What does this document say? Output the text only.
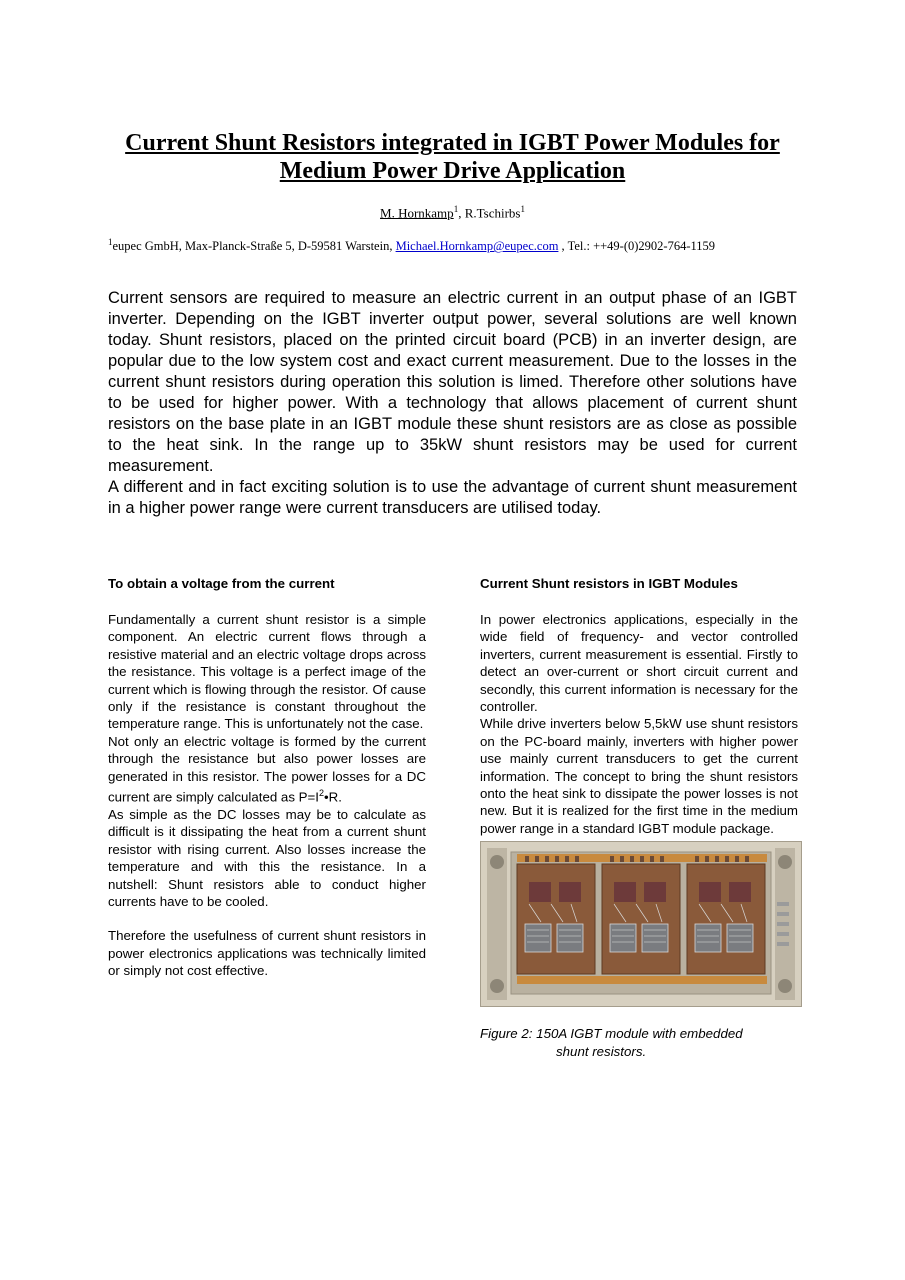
Current Shunt Resistors integrated in IGBT Power Modules for Medium Power Drive Application
M. Hornkamp$^1$, R.Tschirbs$^1$
$^1$eupec GmbH, Max-Planck-Straße 5, D-59581 Warstein, Michael.Hornkamp@eupec.com , Tel.: ++49-(0)2902-764-1159

Current sensors are required to measure an electric current in an output phase of an IGBT inverter. Depending on the IGBT inverter output power, several solutions are well known today. Shunt resistors, placed on the printed circuit board (PCB) in an inverter design, are popular due to the low system cost and exact current measurement. Due to the losses in the current shunt resistors during operation this solution is limed. Therefore other solutions have to be used for higher power. With a technology that allows placement of current shunt resistors on the base plate in an IGBT module these shunt resistors are as close as possible to the heat sink. In the range up to 35kW shunt resistors may be used for current measurement.

A different and in fact exciting solution is to use the advantage of current shunt measurement in a higher power range were current transducers are utilised today.

To obtain a voltage from the current

Fundamentally a current shunt resistor is a simple component. An electric current flows through a resistive material and an electric voltage drops across the resistance. This voltage is a perfect image of the current which is flowing through the resistor. Of cause only if the resistance is constant throughout the temperature range. This is unfortunately not the case.

Not only an electric voltage is formed by the current through the resistance but also power losses are generated in this resistor. The power losses for a DC current are simply calculated as $P=I^2•R$.

As simple as the DC losses may be to calculate as difficult is it dissipating the heat from a current shunt resistor with rising current. Also losses increase the temperature and with this the resistance. In a nutshell: Shunt resistors able to conduct higher currents have to be cooled.

Therefore the usefulness of current shunt resistors in power electronics applications was technically limited or simply not cost effective.

Current Shunt resistors in IGBT Modules

In power electronics applications, especially in the wide field of frequency- and vector controlled inverters, current measurement is essential. Firstly to detect an over-current or short circuit current and secondly, this current information is necessary for the controller.

While drive inverters below 5,5kW use shunt resistors on the PC-board mainly, inverters with higher power use mainly current transducers to get the current information. The concept to bring the shunt resistors onto the heat sink to dissipate the power losses is not new. But it is realized for the first time in the medium power range in a standard IGBT module package.

Figure 2: 150A IGBT module with embedded
shunt resistors.
